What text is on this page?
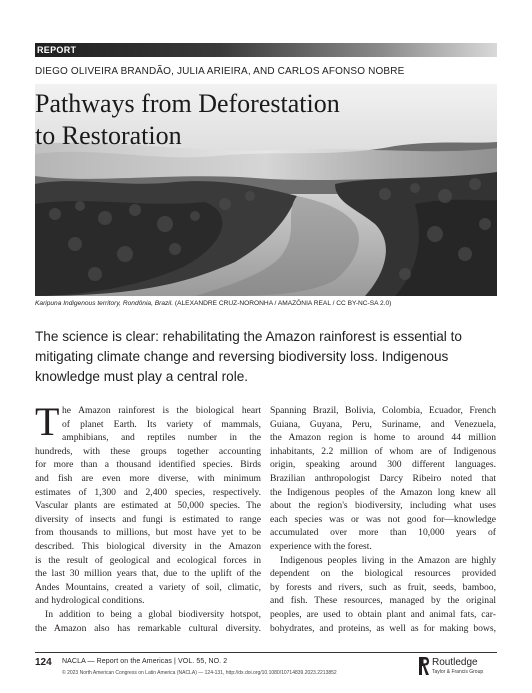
REPORT
DIEGO OLIVEIRA BRANDÃO, JULIA ARIEIRA, AND CARLOS AFONSO NOBRE
Pathways from Deforestation
to Restoration
Karipuna Indigenous territory, Rondônia, Brazil. (ALEXANDRE CRUZ-NORONHA / AMAZÔNIA REAL / CC BY-NC-SA 2.0)

The science is clear: rehabilitating the Amazon rainforest is essential to
mitigating climate change and reversing biodiversity loss. Indigenous
knowledge must play a central role.

T he Amazon rainforest is the biological heart
of planet Earth. Its variety of mammals,
amphibians, and reptiles number in the
hundreds, with these groups together accounting
for more than a thousand identified species. Birds
and fish are even more diverse, with minimum
estimates of 1,300 and 2,400 species, respectively.
Vascular plants are estimated at 50,000 species. The
diversity of insects and fungi is estimated to range
from thousands to millions, but most have yet to be
described. This biological diversity in the Amazon
is the result of geological and ecological forces in
the last 30 million years that, due to the uplift of the
Andes Mountains, created a variety of soil, climatic,
and hydrological conditions.
In addition to being a global biodiversity hotspot,
the Amazon also has remarkable cultural diversity.
Spanning Brazil, Bolivia, Colombia, Ecuador, French
Guiana, Guyana, Peru, Suriname, and Venezuela,
the Amazon region is home to around 44 million
inhabitants, 2.2 million of whom are of Indigenous
origin, speaking around 300 different languages.
Brazilian anthropologist Darcy Ribeiro noted that
the Indigenous peoples of the Amazon long knew all
about the region's biodiversity, including what uses
each species was or was not good for—knowledge
accumulated over more than 10,000 years of
experience with the forest.
Indigenous peoples living in the Amazon are highly
dependent on the biological resources provided
by forests and rivers, such as fruit, seeds, bamboo,
and fish. These resources, managed by the original
peoples, are used to obtain plant and animal fats, car-
bohydrates, and proteins, as well as for making bows,
124 NACLA — Report on the Americas | VOL. 55, NO. 2
© 2023 North American Congress on Latin America (NACLA) — 124-131, http://dx.doi.org/10.1080/10714839.2023.2213852
Routledge
Taylor & Francis Group
